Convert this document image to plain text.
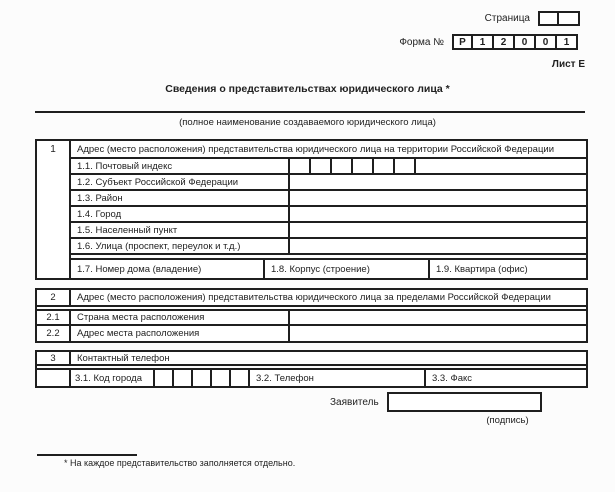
Страница
Форма №	Р	1	2	0	0	1
Лист Е
Сведения о представительствах юридического лица *
(полное наименование создаваемого юридического лица)
1	Адрес (место расположения) представительства юридического лица на территории Российской Федерации
1.1. Почтовый индекс
1.2. Субъект Российской Федерации
1.3. Район
1.4. Город
1.5. Населенный пункт
1.6. Улица (проспект, переулок и т.д.)
1.7. Номер дома (владение)	1.8. Корпус (строение)	1.9. Квартира (офис)
2	Адрес (место расположения) представительства юридического лица за пределами Российской Федерации
2.1	Страна места расположения
2.2	Адрес места расположения
3	Контактный телефон
3.1. Код города	3.2. Телефон	3.3. Факс
Заявитель
(подпись)
* На каждое представительство заполняется отдельно.
